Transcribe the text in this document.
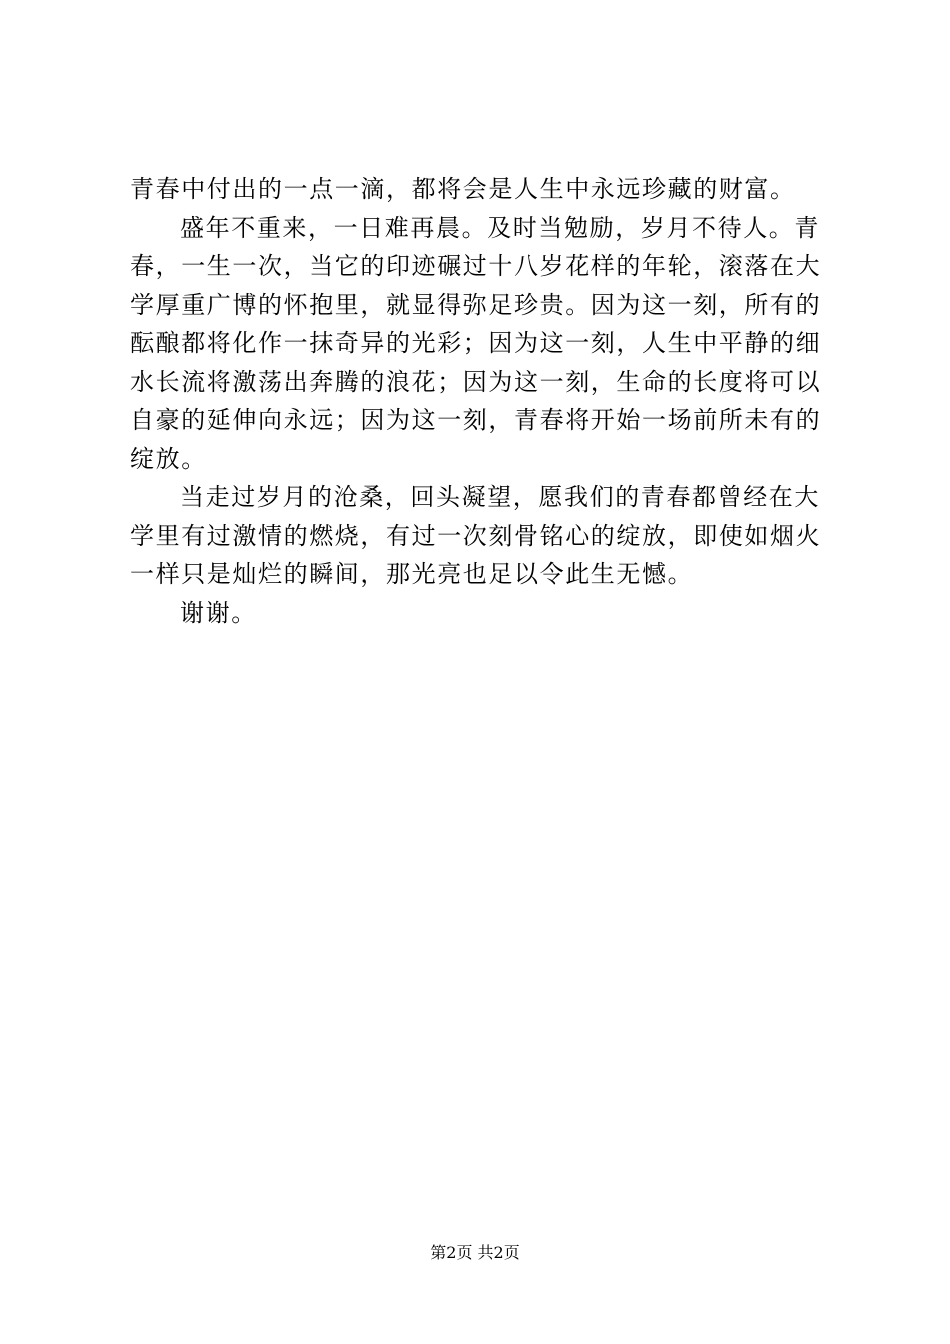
青春中付出的一点一滴，都将会是人生中永远珍藏的财富。
盛年不重来，一日难再晨。及时当勉励，岁月不待人。青
春，一生一次，当它的印迹碾过十八岁花样的年轮，滚落在大
学厚重广博的怀抱里，就显得弥足珍贵。因为这一刻，所有的
酝酿都将化作一抹奇异的光彩；因为这一刻，人生中平静的细
水长流将激荡出奔腾的浪花；因为这一刻，生命的长度将可以
自豪的延伸向永远；因为这一刻，青春将开始一场前所未有的
绽放。
当走过岁月的沧桑，回头凝望，愿我们的青春都曾经在大
学里有过激情的燃烧，有过一次刻骨铭心的绽放，即使如烟火
一样只是灿烂的瞬间，那光亮也足以令此生无憾。
谢谢。
第2页 共2页
